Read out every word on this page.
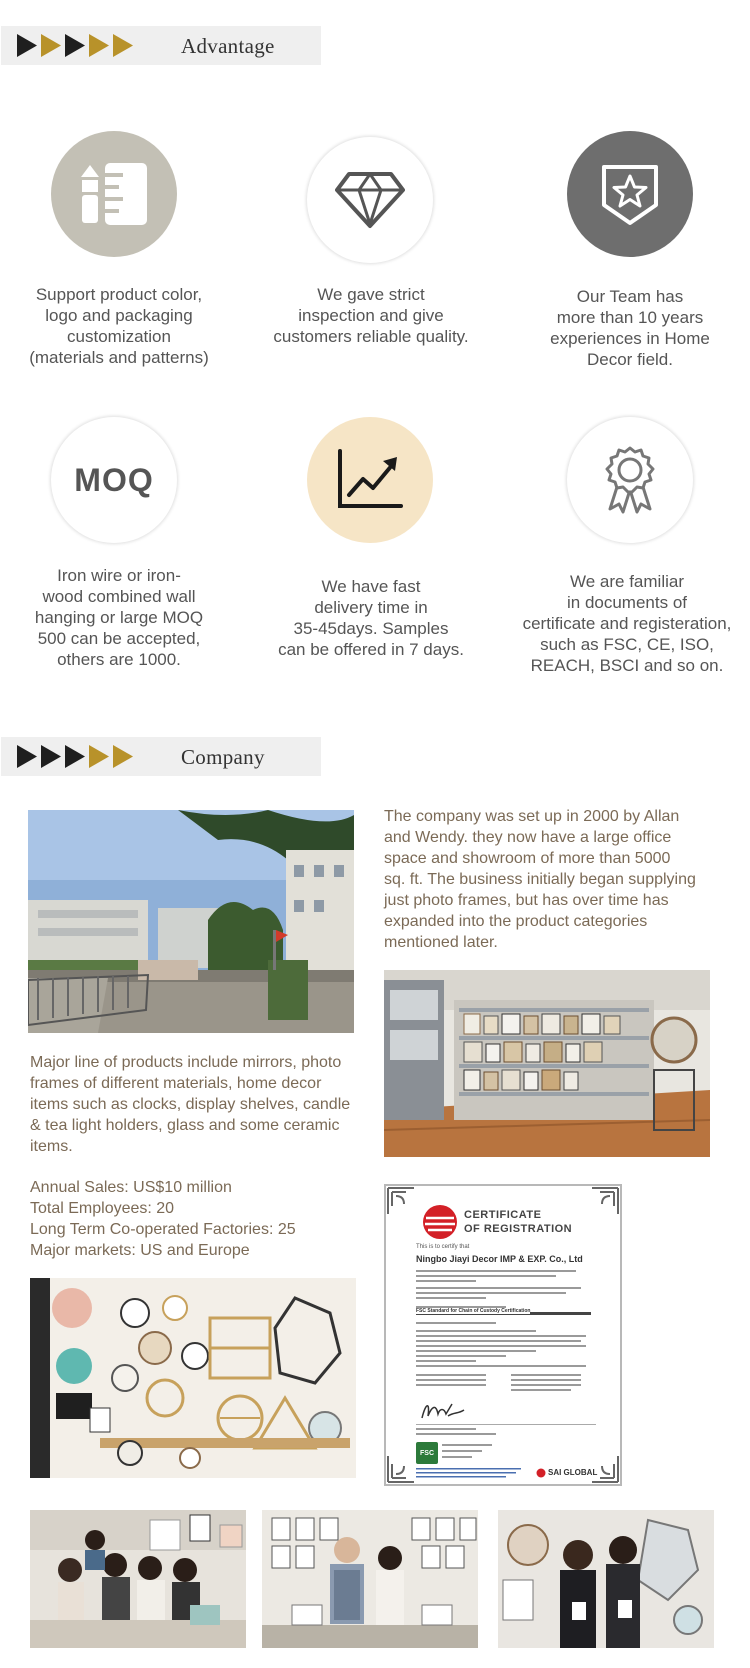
Advantage
Support product color,
logo and packaging
customization
(materials and patterns)
We gave strict
inspection and give
customers reliable quality.
Our Team has
more than 10 years
experiences in Home
Decor field.
MOQ
Iron wire or iron-
wood combined wall
hanging or large MOQ
500 can be accepted,
others are 1000.
We have fast
delivery time in
35-45days. Samples
can be offered in 7 days.
We are familiar
in documents of
certificate and registeration,
such as FSC, CE, ISO,
REACH, BSCI and so on.
Company
The company was set up in 2000 by Allan
and Wendy. they now have a large office
space and showroom of more than 5000
sq. ft. The business initially began supplying
just photo frames, but has over time has
expanded into the product categories
mentioned later.
Major line of products include mirrors, photo
frames of different materials, home decor
items such as clocks, display shelves, candle
& tea light holders, glass and some ceramic
items.
Annual Sales: US$10 million
Total Employees: 20
Long Term Co-operated Factories: 25
Major markets: US and Europe
CERTIFICATE
OF REGISTRATION
This is to certify that
Ningbo Jiayi Decor IMP & EXP. Co., Ltd
FSC Standard for Chain of Custody Certification
FSC
SAI GLOBAL
